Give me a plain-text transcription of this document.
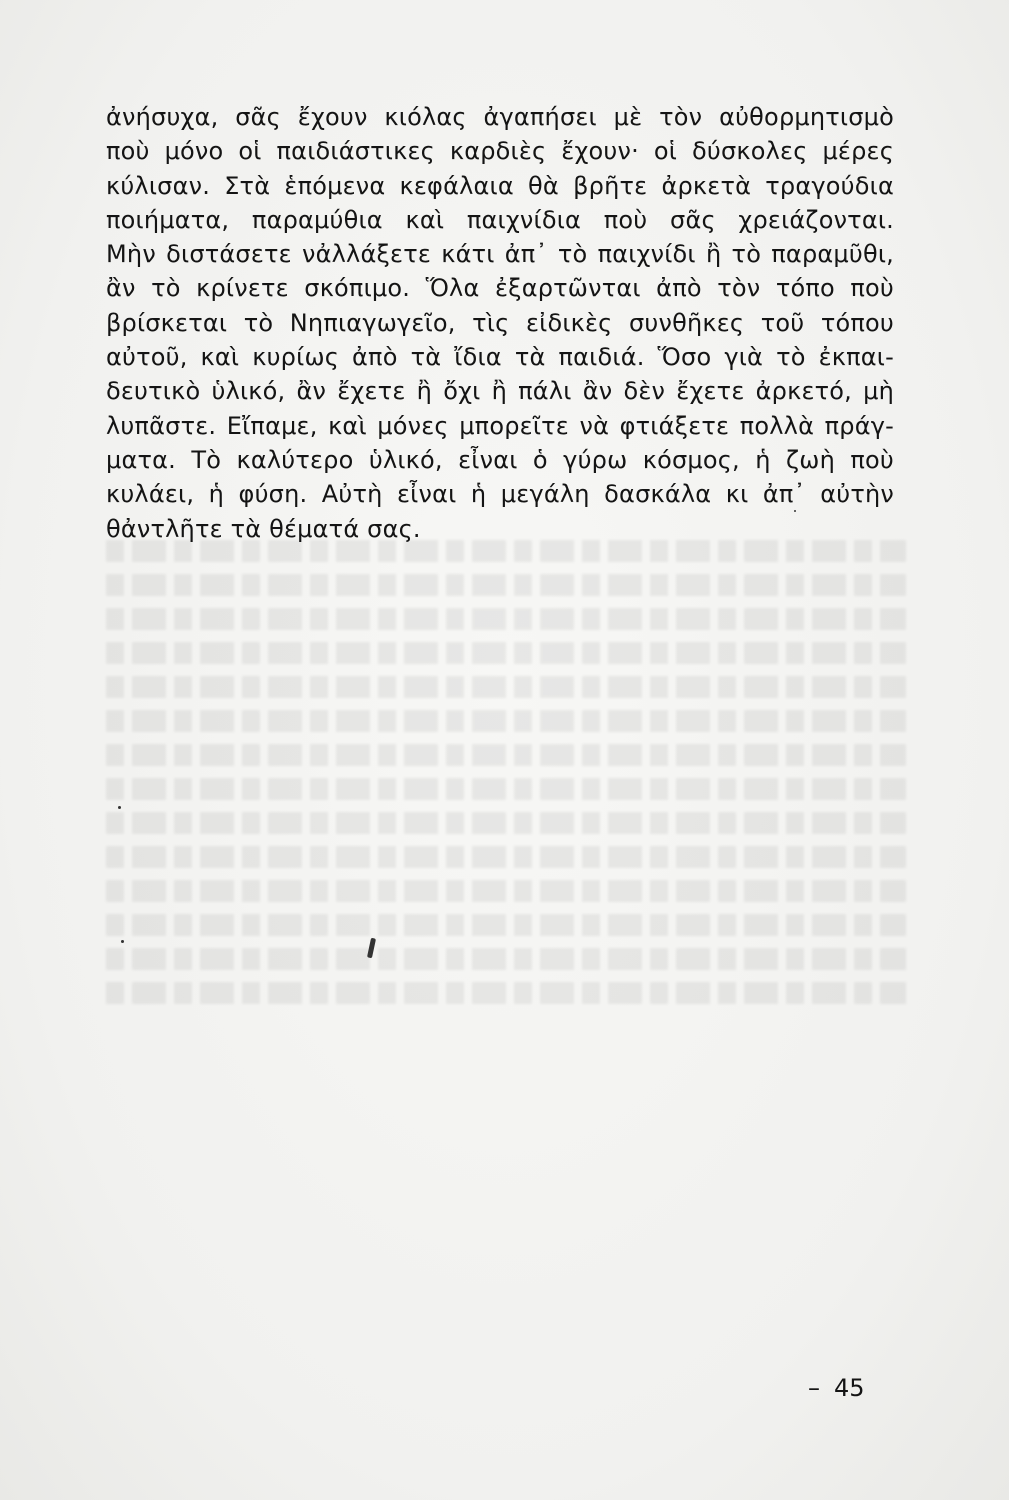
ἀνήσυχα, σᾶς ἔχουν κιόλας ἀγαπήσει μὲ τὸν αὐθορμητισμὸ
ποὺ μόνο οἱ παιδιάστικες καρδιὲς ἔχουν· οἱ δύσκολες μέρες
κύλισαν. Στὰ ἑπόμενα κεφάλαια θὰ βρῆτε ἀρκετὰ τραγούδια
ποιήματα, παραμύθια καὶ παιχνίδια ποὺ σᾶς χρειάζονται.
Μὴν διστάσετε νἀλλάξετε κάτι ἀπ᾽ τὸ παιχνίδι ἢ τὸ παραμῦθι,
ἂν τὸ κρίνετε σκόπιμο. Ὅλα ἐξαρτῶνται ἀπὸ τὸν τόπο ποὺ
βρίσκεται τὸ Νηπιαγωγεῖο, τὶς εἰδικὲς συνθῆκες τοῦ τόπου
αὐτοῦ, καὶ κυρίως ἀπὸ τὰ ἴδια τὰ παιδιά. Ὅσο γιὰ τὸ ἐκπαι-
δευτικὸ ὑλικό, ἂν ἔχετε ἢ ὄχι ἢ πάλι ἂν δὲν ἔχετε ἀρκετό, μὴ
λυπᾶστε. Εἴπαμε, καὶ μόνες μπορεῖτε νὰ φτιάξετε πολλὰ πράγ-
ματα. Τὸ καλύτερο ὑλικό, εἶναι ὁ γύρω κόσμος, ἡ ζωὴ ποὺ
κυλάει, ἡ φύση. Αὐτὴ εἶναι ἡ μεγάλη δασκάλα κι ἀπ᾽ αὐτὴν
θἀντλῆτε τὰ θέματά σας.
– 45
